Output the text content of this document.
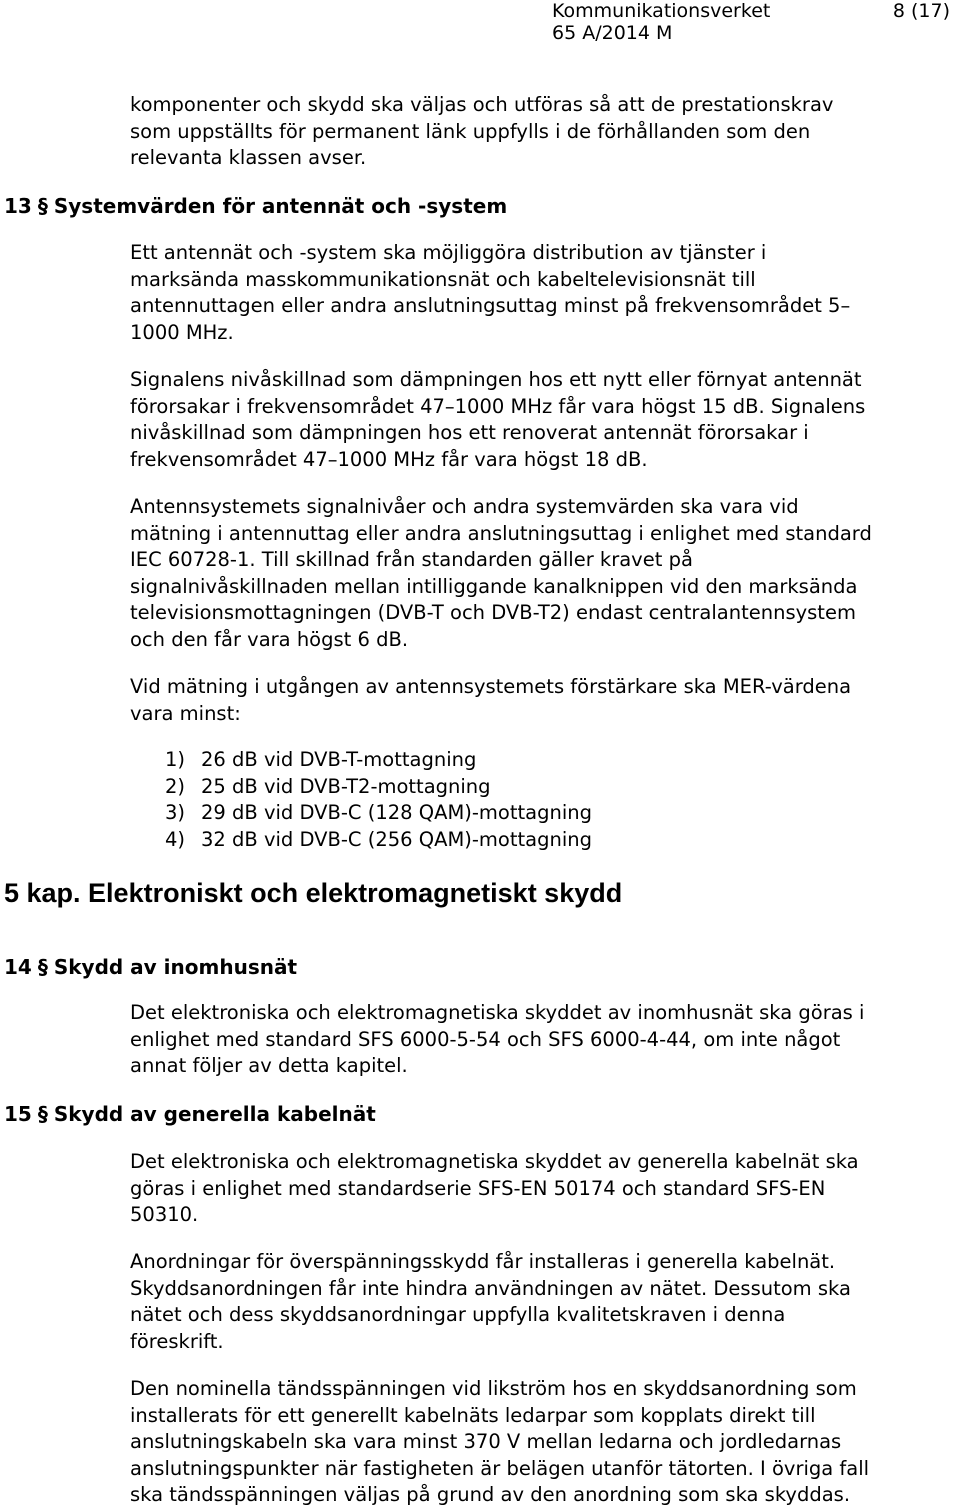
Kommunikationsverket	8 (17)
65 A/2014 M
komponenter och skydd ska väljas och utföras så att de prestationskrav
som uppställts för permanent länk uppfylls i de förhållanden som den
relevanta klassen avser.
13 § Systemvärden för antennät och -system
Ett antennät och -system ska möjliggöra distribution av tjänster i
marksända masskommunikationsnät och kabeltelevisionsnät till
antennuttagen eller andra anslutningsuttag minst på frekvensområdet 5–
1000 MHz.
Signalens nivåskillnad som dämpningen hos ett nytt eller förnyat antennät
förorsakar i frekvensområdet 47–1000 MHz får vara högst 15 dB. Signalens
nivåskillnad som dämpningen hos ett renoverat antennät förorsakar i
frekvensområdet 47–1000 MHz får vara högst 18 dB.
Antennsystemets signalnivåer och andra systemvärden ska vara vid
mätning i antennuttag eller andra anslutningsuttag i enlighet med standard
IEC 60728-1. Till skillnad från standarden gäller kravet på
signalnivåskillnaden mellan intilliggande kanalknippen vid den marksända
televisionsmottagningen (DVB-T och DVB-T2) endast centralantennsystem
och den får vara högst 6 dB.
Vid mätning i utgången av antennsystemets förstärkare ska MER-värdena
vara minst:
1) 26 dB vid DVB-T-mottagning
2) 25 dB vid DVB-T2-mottagning
3) 29 dB vid DVB-C (128 QAM)-mottagning
4) 32 dB vid DVB-C (256 QAM)-mottagning
5 kap. Elektroniskt och elektromagnetiskt skydd
14 § Skydd av inomhusnät
Det elektroniska och elektromagnetiska skyddet av inomhusnät ska göras i
enlighet med standard SFS 6000-5-54 och SFS 6000-4-44, om inte något
annat följer av detta kapitel.
15 § Skydd av generella kabelnät
Det elektroniska och elektromagnetiska skyddet av generella kabelnät ska
göras i enlighet med standardserie SFS-EN 50174 och standard SFS-EN
50310.
Anordningar för överspänningsskydd får installeras i generella kabelnät.
Skyddsanordningen får inte hindra användningen av nätet. Dessutom ska
nätet och dess skyddsanordningar uppfylla kvalitetskraven i denna
föreskrift.
Den nominella tändsspänningen vid likström hos en skyddsanordning som
installerats för ett generellt kabelnäts ledarpar som kopplats direkt till
anslutningskabeln ska vara minst 370 V mellan ledarna och jordledarnas
anslutningspunkter när fastigheten är belägen utanför tätorten. I övriga fall
ska tändsspänningen väljas på grund av den anordning som ska skyddas.
